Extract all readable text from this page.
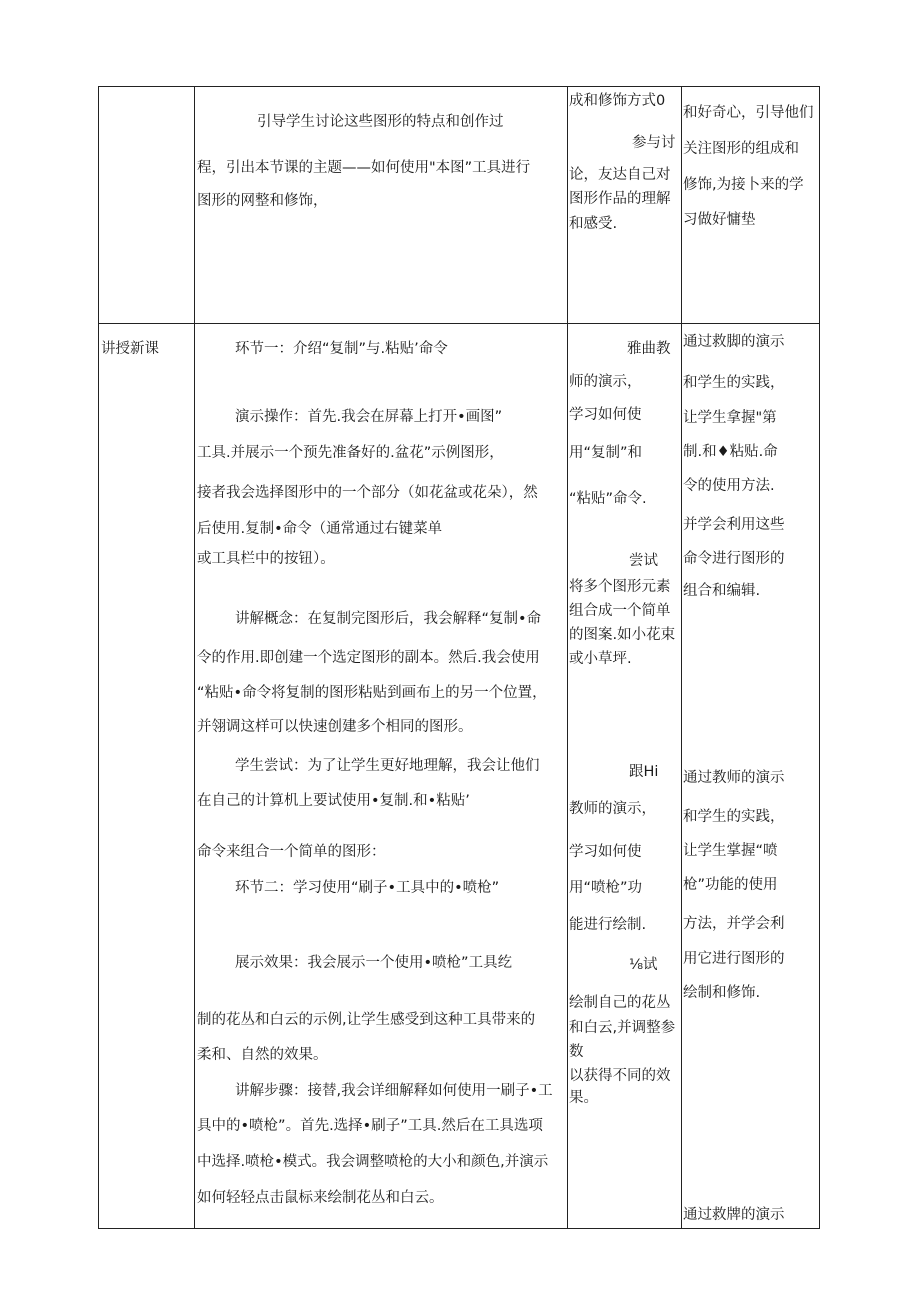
引导学生讨论这些图形的特点和创作过
程，引出本节课的主题——如何使用"本图”工具进行
图形的网整和修饰，
成和修饰方式0
参与讨
论，友达自己对
图形作品的理解
和感受.
和好奇心，引导他们
关注图形的组成和
修饰,为接卜来的学
习做好慵垫
讲授新课	环节一：介绍“复制”与.粘贴’命令
演示操作：首先.我会在屏幕上打开•画图”
工具.并展示一个预先准备好的.盆花”示例图形，
接者我会选择图形中的一个部分（如花盆或花朵），然
后使用.复制•命令（通常通过右键菜单
或工具栏中的按钮）。
讲解概念：在复制完图形后，我会解释“复制•命
令的作用.即创建一个选定图形的副本。然后.我会使用
“粘贴•命令将复制的图形粘贴到画布上的另一个位置，
并翎调这样可以快速创建多个相同的图形。
学生尝试：为了让学生更好地理解，我会让他们
在自己的计算机上要试使用•复制.和•粘贴’
命令来组合一个简单的图形：
环节二：学习使用“刷子•工具中的•喷枪”
展示效果：我会展示一个使用•喷枪”工具纥
制的花丛和白云的示例,让学生感受到这种工具带来的
柔和、自然的效果。
讲解步骤：接替,我会详细解释如何使用一刷子•工
具中的•喷枪”。首先.选择•刷子”工具.然后在工具选项
中选择.喷枪•模式。我会调整喷枪的大小和颜色,并演示
如何轻轻点击鼠标来绘制花丛和白云。
雅曲教
师的演示，
学习如何使
用“复制”和
“粘贴”命令.
尝试
将多个图形元素
组合成一个简单
的图案.如小花束
或小草坪.
跟Hi
教师的演示，
学习如何使
用“喷枪”功
能进行绘制.
⅛试
绘制自己的花丛
和白云,并调整参
数
以获得不同的效
果。
通过救脚的演示
和学生的实践，
让学生拿握"第
制.和♦粘贴.命
令的使用方法.
并学会利用这些
命令进行图形的
组合和编辑.
通过教师的演示
和学生的实践，
让学生掌握“喷
枪”功能的使用
方法，并学会利
用它进行图形的
绘制和修饰.
通过救牌的演示
